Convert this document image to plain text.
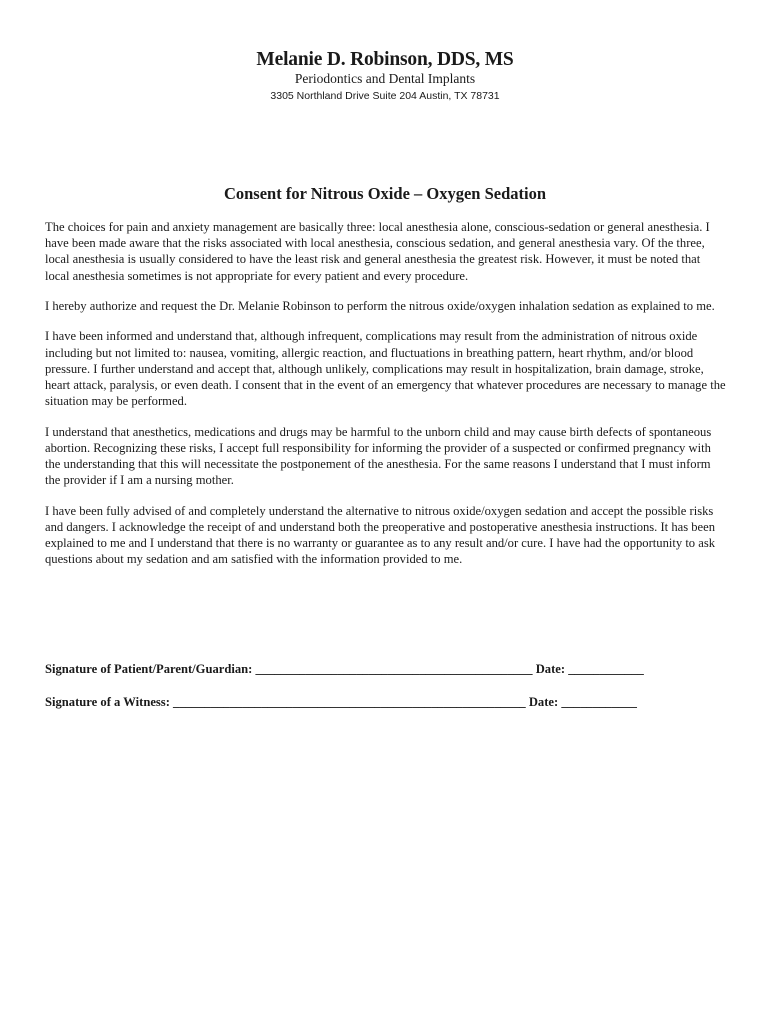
Melanie D. Robinson, DDS, MS
Periodontics and Dental Implants
3305 Northland Drive Suite 204 Austin, TX 78731
Consent for Nitrous Oxide – Oxygen Sedation

The choices for pain and anxiety management are basically three: local anesthesia alone, conscious-sedation or general anesthesia. I have been made aware that the risks associated with local anesthesia, conscious sedation, and general anesthesia vary. Of the three, local anesthesia is usually considered to have the least risk and general anesthesia the greatest risk. However, it must be noted that local anesthesia sometimes is not appropriate for every patient and every procedure.

I hereby authorize and request the Dr. Melanie Robinson to perform the nitrous oxide/oxygen inhalation sedation as explained to me.

I have been informed and understand that, although infrequent, complications may result from the administration of nitrous oxide including but not limited to: nausea, vomiting, allergic reaction, and fluctuations in breathing pattern, heart rhythm, and/or blood pressure. I further understand and accept that, although unlikely, complications may result in hospitalization, brain damage, stroke, heart attack, paralysis, or even death. I consent that in the event of an emergency that whatever procedures are necessary to manage the situation may be performed.

I understand that anesthetics, medications and drugs may be harmful to the unborn child and may cause birth defects of spontaneous abortion. Recognizing these risks, I accept full responsibility for informing the provider of a suspected or confirmed pregnancy with the understanding that this will necessitate the postponement of the anesthesia. For the same reasons I understand that I must inform the provider if I am a nursing mother.

I have been fully advised of and completely understand the alternative to nitrous oxide/oxygen sedation and accept the possible risks and dangers. I acknowledge the receipt of and understand both the preoperative and postoperative anesthesia instructions. It has been explained to me and I understand that there is no warranty or guarantee as to any result and/or cure. I have had the opportunity to ask questions about my sedation and am satisfied with the information provided to me.

Signature of Patient/Parent/Guardian: ____________________________________________ Date: ____________
Signature of a Witness: ________________________________________________________ Date: ____________
